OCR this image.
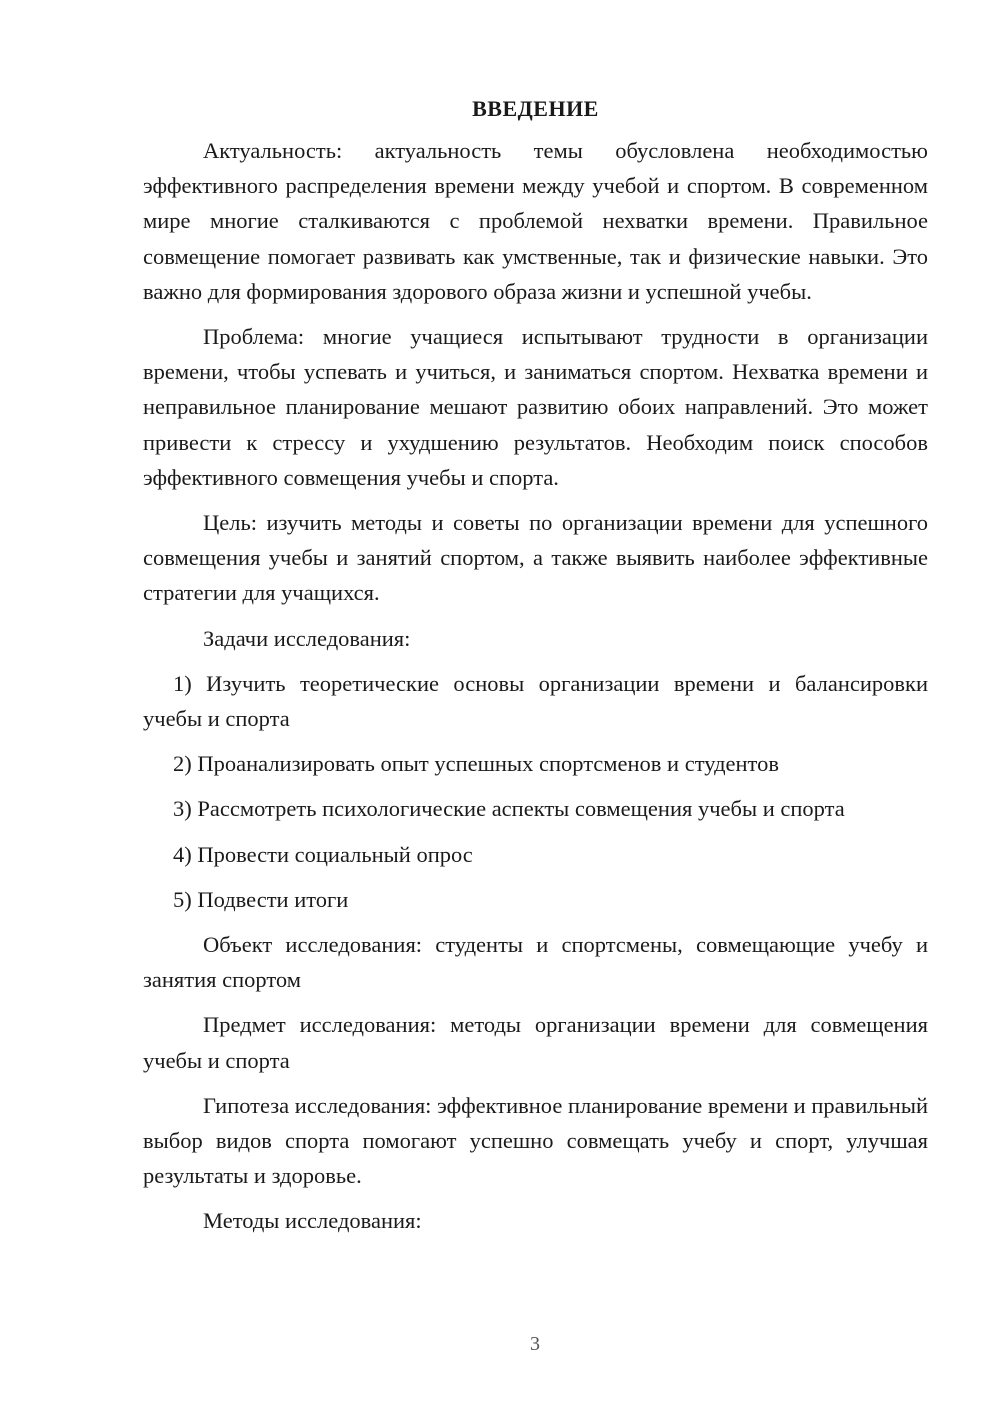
ВВЕДЕНИЕ

Актуальность: актуальность темы обусловлена необходимостью эффективного распределения времени между учебой и спортом. В современном мире многие сталкиваются с проблемой нехватки времени. Правильное совмещение помогает развивать как умственные, так и физические навыки. Это важно для формирования здорового образа жизни и успешной учебы.

Проблема: многие учащиеся испытывают трудности в организации времени, чтобы успевать и учиться, и заниматься спортом. Нехватка времени и неправильное планирование мешают развитию обоих направлений. Это может привести к стрессу и ухудшению результатов. Необходим поиск способов эффективного совмещения учебы и спорта.

Цель: изучить методы и советы по организации времени для успешного совмещения учебы и занятий спортом, а также выявить наиболее эффективные стратегии для учащихся.

Задачи исследования:

1) Изучить теоретические основы организации времени и балансировки учебы и спорта

2) Проанализировать опыт успешных спортсменов и студентов

3) Рассмотреть психологические аспекты совмещения учебы и спорта

4) Провести социальный опрос

5) Подвести итоги

Объект исследования: студенты и спортсмены, совмещающие учебу и занятия спортом

Предмет исследования: методы организации времени для совмещения учебы и спорта

Гипотеза исследования: эффективное планирование времени и правильный выбор видов спорта помогают успешно совмещать учебу и спорт, улучшая результаты и здоровье.

Методы исследования:

3
